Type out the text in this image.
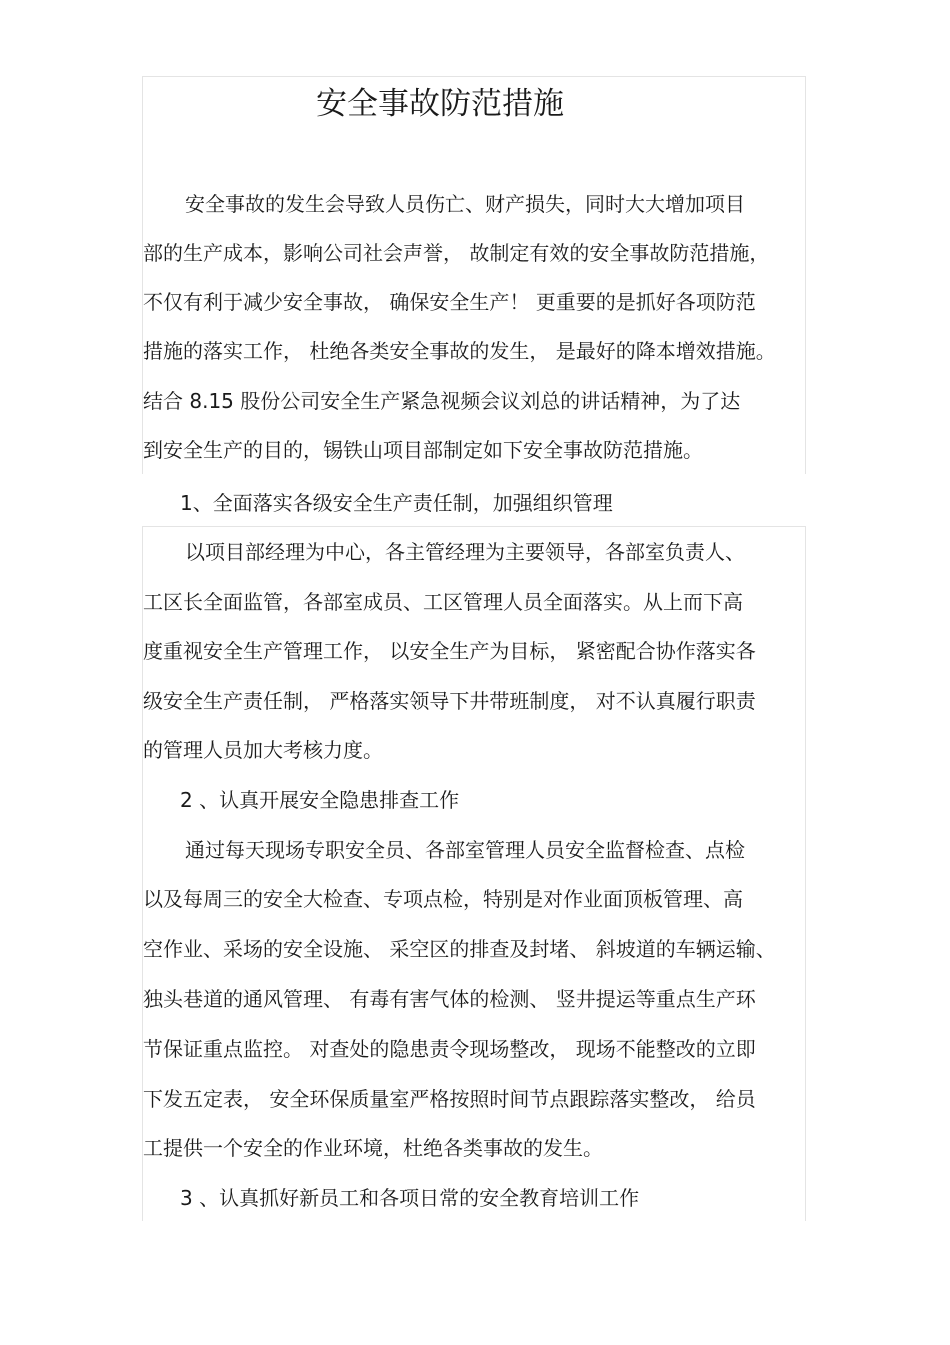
安全事故防范措施
安全事故的发生会导致人员伤亡、财产损失，同时大大增加项目
部的生产成本，影响公司社会声誉， 故制定有效的安全事故防范措施，
不仅有利于减少安全事故， 确保安全生产！ 更重要的是抓好各项防范
措施的落实工作， 杜绝各类安全事故的发生， 是最好的降本增效措施。
结合 8.15 股份公司安全生产紧急视频会议刘总的讲话精神，为了达
到安全生产的目的，锡铁山项目部制定如下安全事故防范措施。
1、全面落实各级安全生产责任制，加强组织管理
以项目部经理为中心，各主管经理为主要领导，各部室负责人、
工区长全面监管，各部室成员、工区管理人员全面落实。从上而下高
度重视安全生产管理工作， 以安全生产为目标， 紧密配合协作落实各
级安全生产责任制， 严格落实领导下井带班制度， 对不认真履行职责
的管理人员加大考核力度。
2 、认真开展安全隐患排查工作
通过每天现场专职安全员、各部室管理人员安全监督检查、点检
以及每周三的安全大检查、专项点检，特别是对作业面顶板管理、高
空作业、采场的安全设施、 采空区的排查及封堵、 斜坡道的车辆运输、
独头巷道的通风管理、 有毒有害气体的检测、 竖井提运等重点生产环
节保证重点监控。 对查处的隐患责令现场整改， 现场不能整改的立即
下发五定表， 安全环保质量室严格按照时间节点跟踪落实整改， 给员
工提供一个安全的作业环境，杜绝各类事故的发生。
3 、认真抓好新员工和各项日常的安全教育培训工作
